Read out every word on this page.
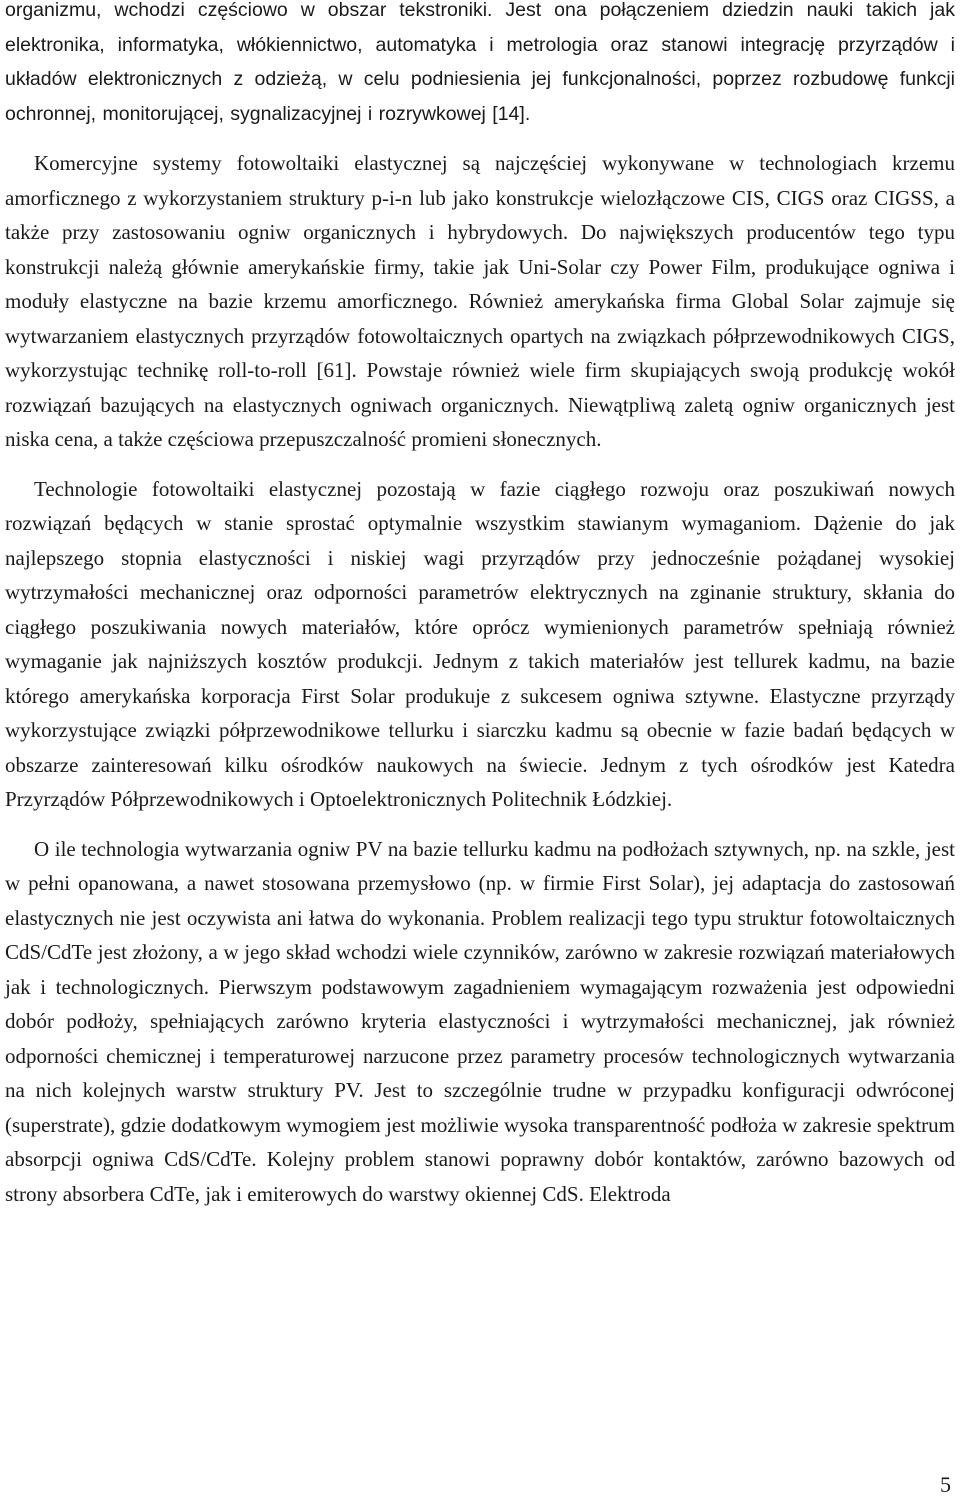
organizmu, wchodzi częściowo w obszar tekstroniki. Jest ona połączeniem dziedzin nauki takich jak elektronika, informatyka, włókiennictwo, automatyka i metrologia oraz stanowi integrację przyrządów i układów elektronicznych z odzieżą, w celu podniesienia jej funkcjonalności, poprzez rozbudowę funkcji ochronnej, monitorującej, sygnalizacyjnej i rozrywkowej [14].

Komercyjne systemy fotowoltaiki elastycznej są najczęściej wykonywane w technologiach krzemu amorficznego z wykorzystaniem struktury p-i-n lub jako konstrukcje wielozłączowe CIS, CIGS oraz CIGSS, a także przy zastosowaniu ogniw organicznych i hybrydowych. Do największych producentów tego typu konstrukcji należą głównie amerykańskie firmy, takie jak Uni-Solar czy Power Film, produkujące ogniwa i moduły elastyczne na bazie krzemu amorficznego. Również amerykańska firma Global Solar zajmuje się wytwarzaniem elastycznych przyrządów fotowoltaicznych opartych na związkach półprzewodnikowych CIGS, wykorzystując technikę roll-to-roll [61]. Powstaje również wiele firm skupiających swoją produkcję wokół rozwiązań bazujących na elastycznych ogniwach organicznych. Niewątpliwą zaletą ogniw organicznych jest niska cena, a także częściowa przepuszczalność promieni słonecznych.

Technologie fotowoltaiki elastycznej pozostają w fazie ciągłego rozwoju oraz poszukiwań nowych rozwiązań będących w stanie sprostać optymalnie wszystkim stawianym wymaganiom. Dążenie do jak najlepszego stopnia elastyczności i niskiej wagi przyrządów przy jednocześnie pożądanej wysokiej wytrzymałości mechanicznej oraz odporności parametrów elektrycznych na zginanie struktury, skłania do ciągłego poszukiwania nowych materiałów, które oprócz wymienionych parametrów spełniają również wymaganie jak najniższych kosztów produkcji. Jednym z takich materiałów jest tellurek kadmu, na bazie którego amerykańska korporacja First Solar produkuje z sukcesem ogniwa sztywne. Elastyczne przyrządy wykorzystujące związki półprzewodnikowe tellurku i siarczku kadmu są obecnie w fazie badań będących w obszarze zainteresowań kilku ośrodków naukowych na świecie. Jednym z tych ośrodków jest Katedra Przyrządów Półprzewodnikowych i Optoelektronicznych Politechnik Łódzkiej.

O ile technologia wytwarzania ogniw PV na bazie tellurku kadmu na podłożach sztywnych, np. na szkle, jest w pełni opanowana, a nawet stosowana przemysłowo (np. w firmie First Solar), jej adaptacja do zastosowań elastycznych nie jest oczywista ani łatwa do wykonania. Problem realizacji tego typu struktur fotowoltaicznych CdS/CdTe jest złożony, a w jego skład wchodzi wiele czynników, zarówno w zakresie rozwiązań materiałowych jak i technologicznych. Pierwszym podstawowym zagadnieniem wymagającym rozważenia jest odpowiedni dobór podłoży, spełniających zarówno kryteria elastyczności i wytrzymałości mechanicznej, jak również odporności chemicznej i temperaturowej narzucone przez parametry procesów technologicznych wytwarzania na nich kolejnych warstw struktury PV. Jest to szczególnie trudne w przypadku konfiguracji odwróconej (superstrate), gdzie dodatkowym wymogiem jest możliwie wysoka transparentność podłoża w zakresie spektrum absorpcji ogniwa CdS/CdTe. Kolejny problem stanowi poprawny dobór kontaktów, zarówno bazowych od strony absorbera CdTe, jak i emiterowych do warstwy okiennej CdS. Elektroda

5
